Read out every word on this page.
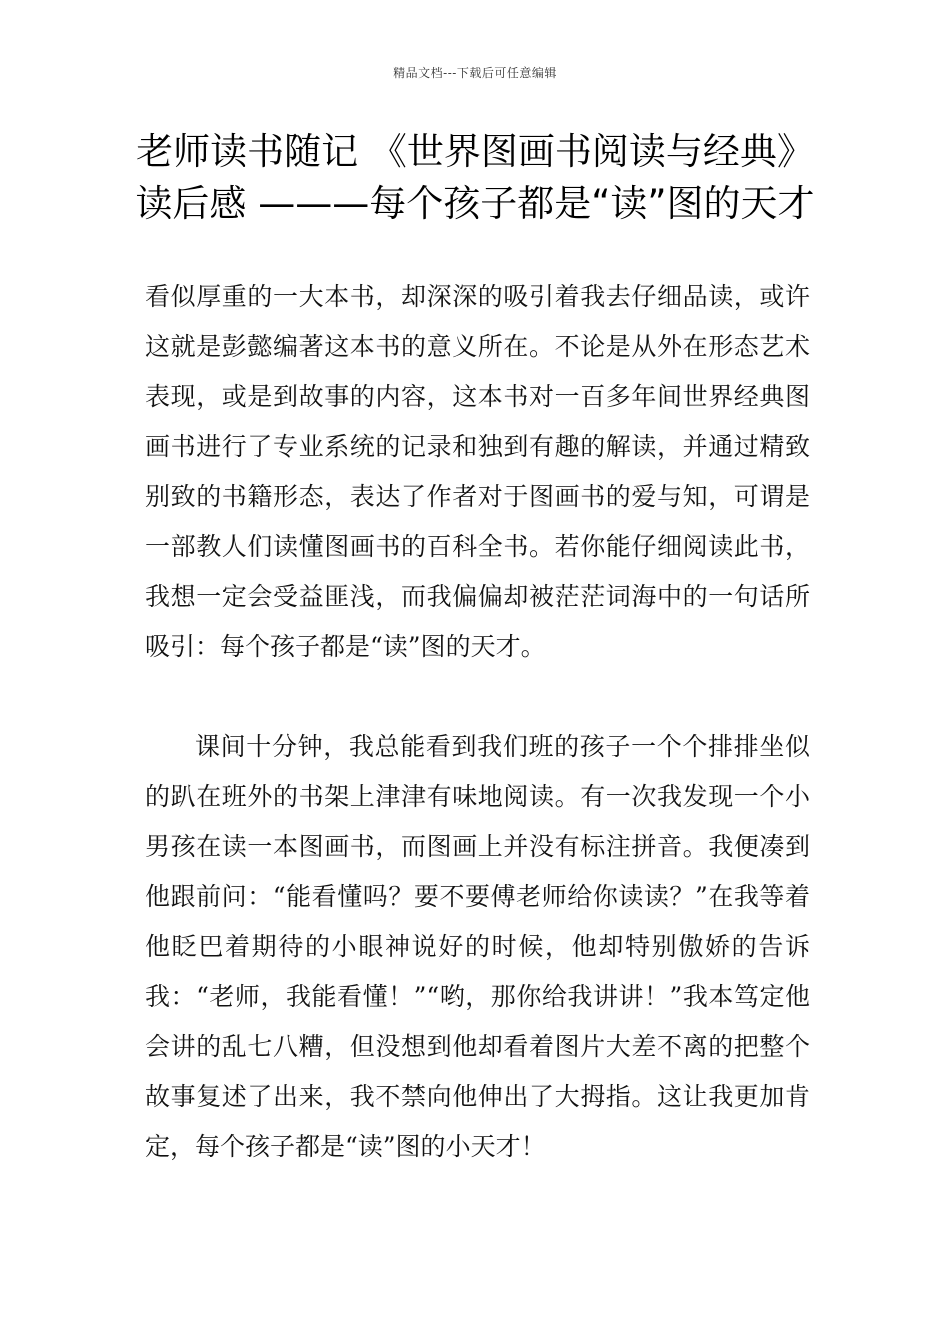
精品文档---下载后可任意编辑
老师读书随记 《世界图画书阅读与经典》读后感 ———每个孩子都是“读”图的天才

看似厚重的一大本书，却深深的吸引着我去仔细品读，或许这就是彭懿编著这本书的意义所在。不论是从外在形态艺术表现，或是到故事的内容，这本书对一百多年间世界经典图画书进行了专业系统的记录和独到有趣的解读，并通过精致别致的书籍形态，表达了作者对于图画书的爱与知，可谓是一部教人们读懂图画书的百科全书。若你能仔细阅读此书，我想一定会受益匪浅，而我偏偏却被茫茫词海中的一句话所吸引：每个孩子都是“读”图的天才。

课间十分钟，我总能看到我们班的孩子一个个排排坐似的趴在班外的书架上津津有味地阅读。有一次我发现一个小男孩在读一本图画书，而图画上并没有标注拼音。我便凑到他跟前问：“能看懂吗？要不要傅老师给你读读？”在我等着他眨巴着期待的小眼神说好的时候，他却特别傲娇的告诉我：“老师，我能看懂！”“哟，那你给我讲讲！”我本笃定他会讲的乱七八糟，但没想到他却看着图片大差不离的把整个故事复述了出来，我不禁向他伸出了大拇指。这让我更加肯定，每个孩子都是“读”图的小天才！
